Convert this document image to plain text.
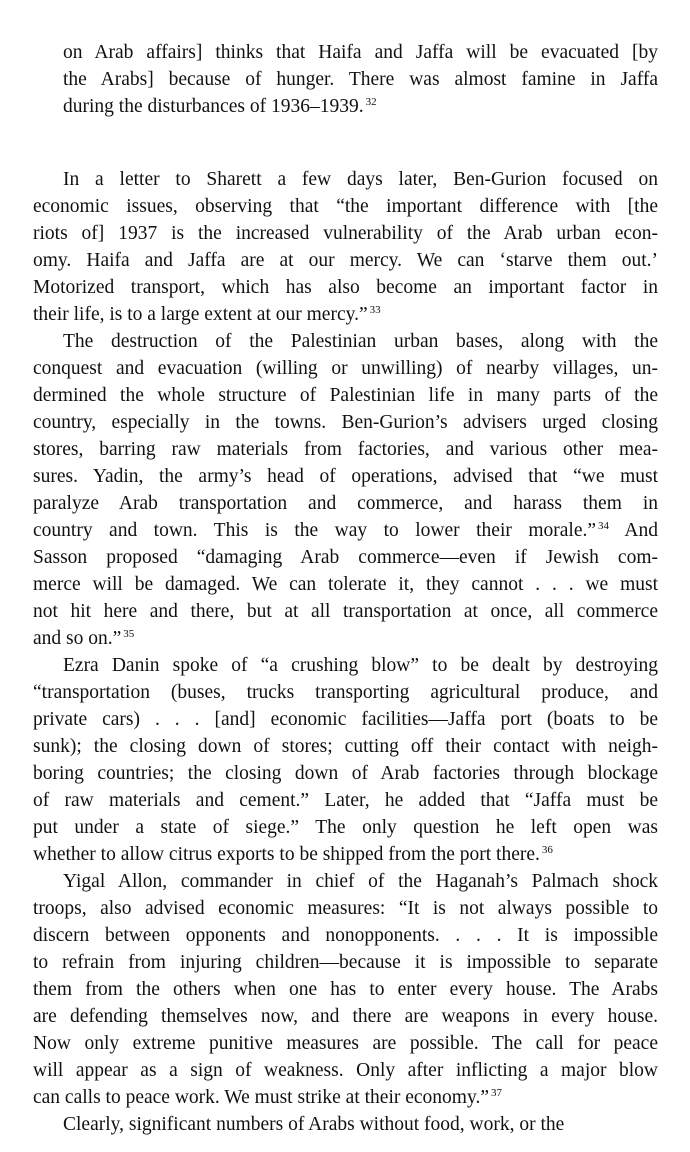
on Arab affairs] thinks that Haifa and Jaffa will be evacuated [by
the Arabs] because of hunger. There was almost famine in Jaffa
during the disturbances of 1936–1939. $^{32}$
In a letter to Sharett a few days later, Ben-Gurion focused on
economic issues, observing that “the important difference with [the
riots of] 1937 is the increased vulnerability of the Arab urban econ-
omy. Haifa and Jaffa are at our mercy. We can ‘starve them out.’
Motorized transport, which has also become an important factor in
their life, is to a large extent at our mercy.” $^{33}$
The destruction of the Palestinian urban bases, along with the
conquest and evacuation (willing or unwilling) of nearby villages, un-
dermined the whole structure of Palestinian life in many parts of the
country, especially in the towns. Ben-Gurion’s advisers urged closing
stores, barring raw materials from factories, and various other mea-
sures. Yadin, the army’s head of operations, advised that “we must
paralyze Arab transportation and commerce, and harass them in
country and town. This is the way to lower their morale.” $^{34}$ And
Sasson proposed “damaging Arab commerce—even if Jewish com-
merce will be damaged. We can tolerate it, they cannot . . . we must
not hit here and there, but at all transportation at once, all commerce
and so on.” $^{35}$
Ezra Danin spoke of “a crushing blow” to be dealt by destroying
“transportation (buses, trucks transporting agricultural produce, and
private cars) . . . [and] economic facilities—Jaffa port (boats to be
sunk); the closing down of stores; cutting off their contact with neigh-
boring countries; the closing down of Arab factories through blockage
of raw materials and cement.” Later, he added that “Jaffa must be
put under a state of siege.” The only question he left open was
whether to allow citrus exports to be shipped from the port there. $^{36}$
Yigal Allon, commander in chief of the Haganah’s Palmach shock
troops, also advised economic measures: “It is not always possible to
discern between opponents and nonopponents. . . . It is impossible
to refrain from injuring children—because it is impossible to separate
them from the others when one has to enter every house. The Arabs
are defending themselves now, and there are weapons in every house.
Now only extreme punitive measures are possible. The call for peace
will appear as a sign of weakness. Only after inflicting a major blow
can calls to peace work. We must strike at their economy.” $^{37}$
Clearly, significant numbers of Arabs without food, work, or the
